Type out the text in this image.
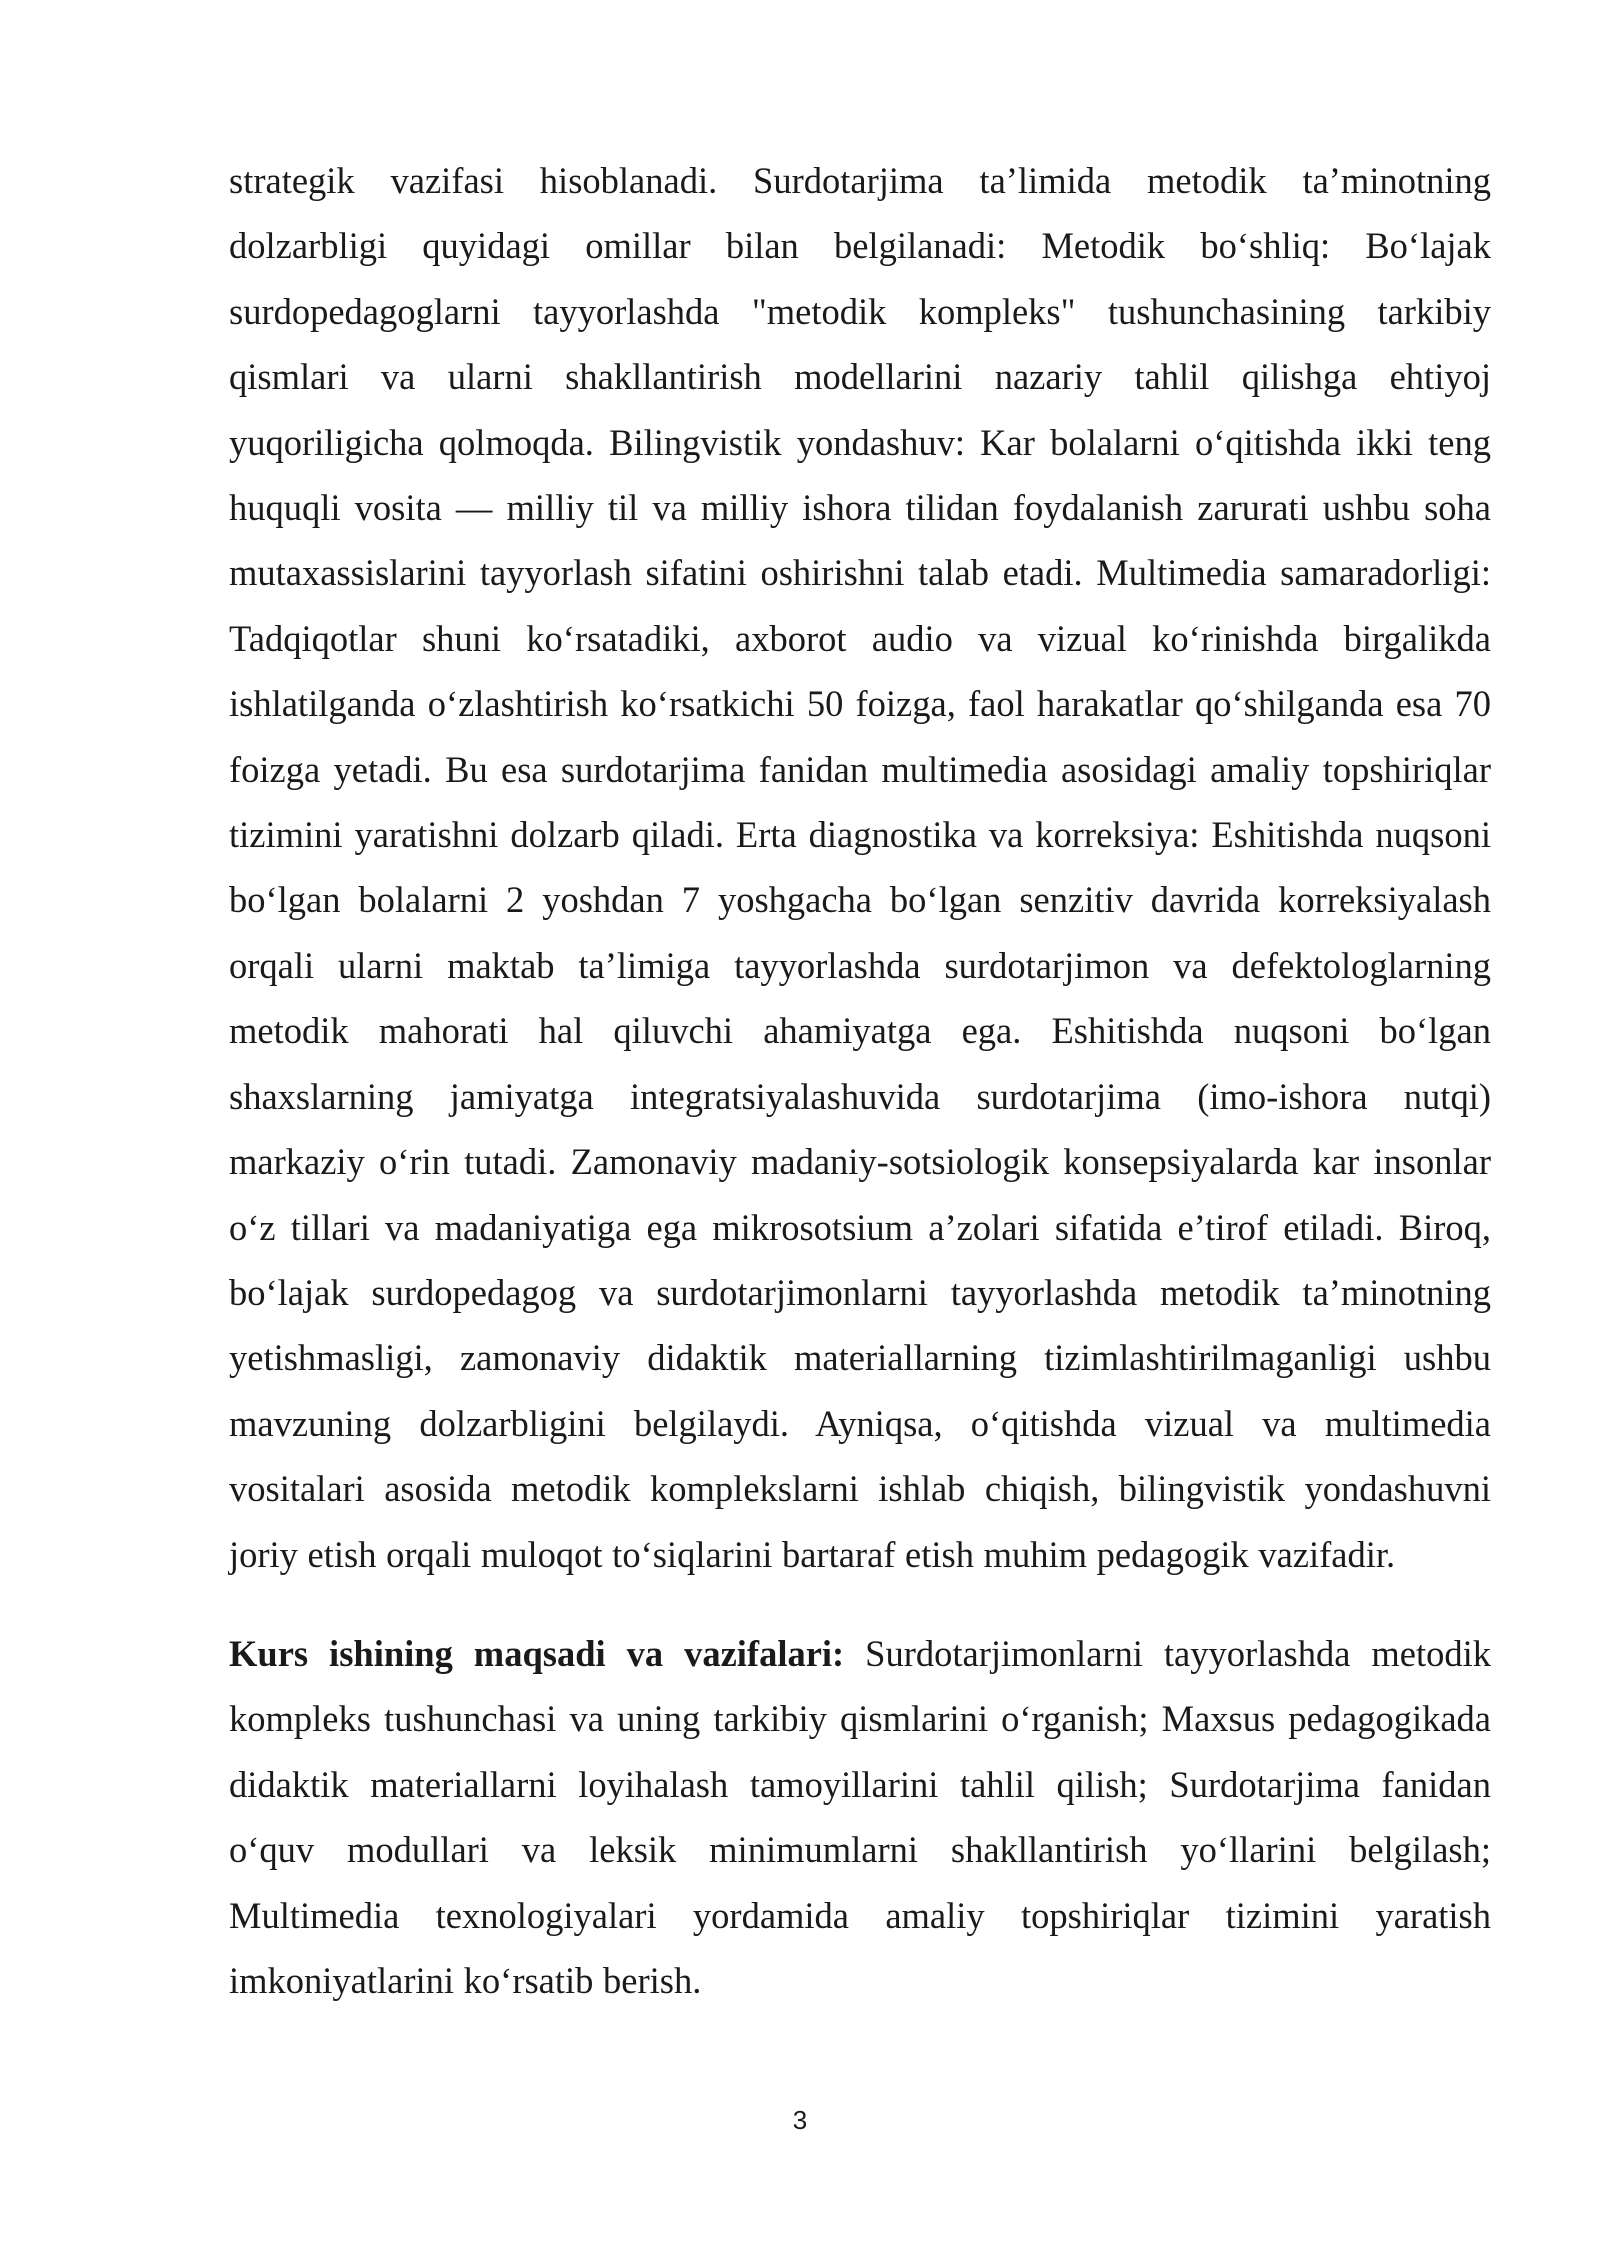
strategik vazifasi hisoblanadi. Surdotarjima ta’limida metodik ta’minotning dolzarbligi quyidagi omillar bilan belgilanadi: Metodik bo‘shliq: Bo‘lajak surdopedagoglarni tayyorlashda "metodik kompleks" tushunchasining tarkibiy qismlari va ularni shakllantirish modellarini nazariy tahlil qilishga ehtiyoj yuqoriligicha qolmoqda. Bilingvistik yondashuv: Kar bolalarni o‘qitishda ikki teng huquqli vosita — milliy til va milliy ishora tilidan foydalanish zarurati ushbu soha mutaxassislarini tayyorlash sifatini oshirishni talab etadi. Multimedia samaradorligi: Tadqiqotlar shuni ko‘rsatadiki, axborot audio va vizual ko‘rinishda birgalikda ishlatilganda o‘zlashtirish ko‘rsatkichi 50 foizga, faol harakatlar qo‘shilganda esa 70 foizga yetadi. Bu esa surdotarjima fanidan multimedia asosidagi amaliy topshiriqlar tizimini yaratishni dolzarb qiladi. Erta diagnostika va korreksiya: Eshitishda nuqsoni bo‘lgan bolalarni 2 yoshdan 7 yoshgacha bo‘lgan senzitiv davrida korreksiyalash orqali ularni maktab ta’limiga tayyorlashda surdotarjimon va defektologlarning metodik mahorati hal qiluvchi ahamiyatga ega. Eshitishda nuqsoni bo‘lgan shaxslarning jamiyatga integratsiyalashuvida surdotarjima (imo-ishora nutqi) markaziy o‘rin tutadi. Zamonaviy madaniy-sotsiologik konsepsiyalarda kar insonlar o‘z tillari va madaniyatiga ega mikrosotsium a’zolari sifatida e’tirof etiladi. Biroq, bo‘lajak surdopedagog va surdotarjimonlarni tayyorlashda metodik ta’minotning yetishmasligi, zamonaviy didaktik materiallarning tizimlashtirilmaganligi ushbu mavzuning dolzarbligini belgilaydi. Ayniqsa, o‘qitishda vizual va multimedia vositalari asosida metodik komplekslarni ishlab chiqish, bilingvistik yondashuvni joriy etish orqali muloqot to‘siqlarini bartaraf etish muhim pedagogik vazifadir.

Kurs ishining maqsadi va vazifalari: Surdotarjimonlarni tayyorlashda metodik kompleks tushunchasi va uning tarkibiy qismlarini o‘rganish; Maxsus pedagogikada didaktik materiallarni loyihalash tamoyillarini tahlil qilish; Surdotarjima fanidan o‘quv modullari va leksik minimumlarni shakllantirish yo‘llarini belgilash; Multimedia texnologiyalari yordamida amaliy topshiriqlar tizimini yaratish imkoniyatlarini ko‘rsatib berish.

3
